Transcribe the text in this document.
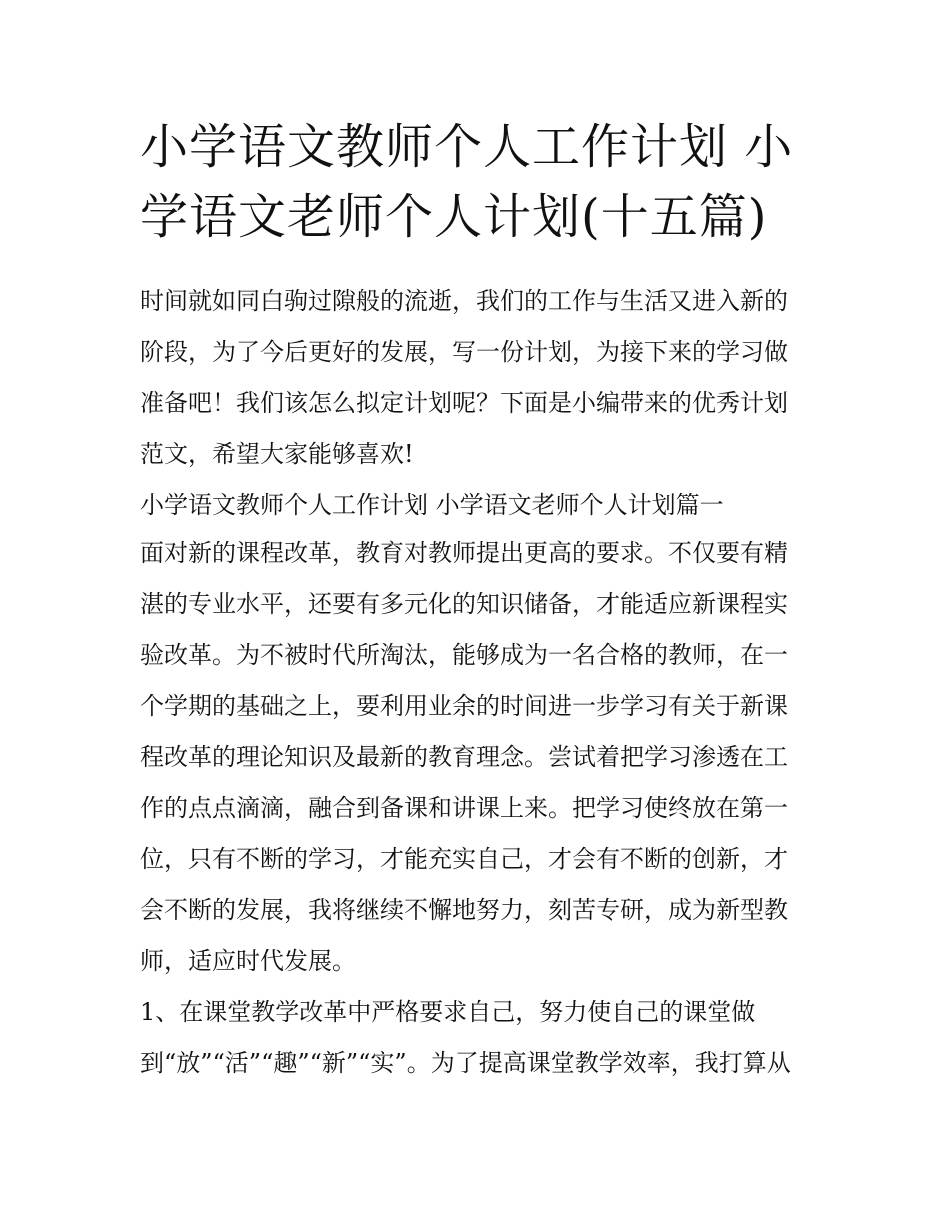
小学语文教师个人工作计划 小学语文老师个人计划(十五篇)

时间就如同白驹过隙般的流逝，我们的工作与生活又进入新的

阶段，为了今后更好的发展，写一份计划，为接下来的学习做

准备吧！我们该怎么拟定计划呢？下面是小编带来的优秀计划

范文，希望大家能够喜欢!

小学语文教师个人工作计划 小学语文老师个人计划篇一

面对新的课程改革，教育对教师提出更高的要求。不仅要有精

湛的专业水平，还要有多元化的知识储备，才能适应新课程实

验改革。为不被时代所淘汰，能够成为一名合格的教师，在一

个学期的基础之上，要利用业余的时间进一步学习有关于新课

程改革的理论知识及最新的教育理念。尝试着把学习渗透在工

作的点点滴滴，融合到备课和讲课上来。把学习使终放在第一

位，只有不断的学习，才能充实自己，才会有不断的创新，才

会不断的发展，我将继续不懈地努力，刻苦专研，成为新型教

师，适应时代发展。

1、在课堂教学改革中严格要求自己，努力使自己的课堂做

到“放”“活”“趣”“新”“实”。为了提高课堂教学效率，我打算从
